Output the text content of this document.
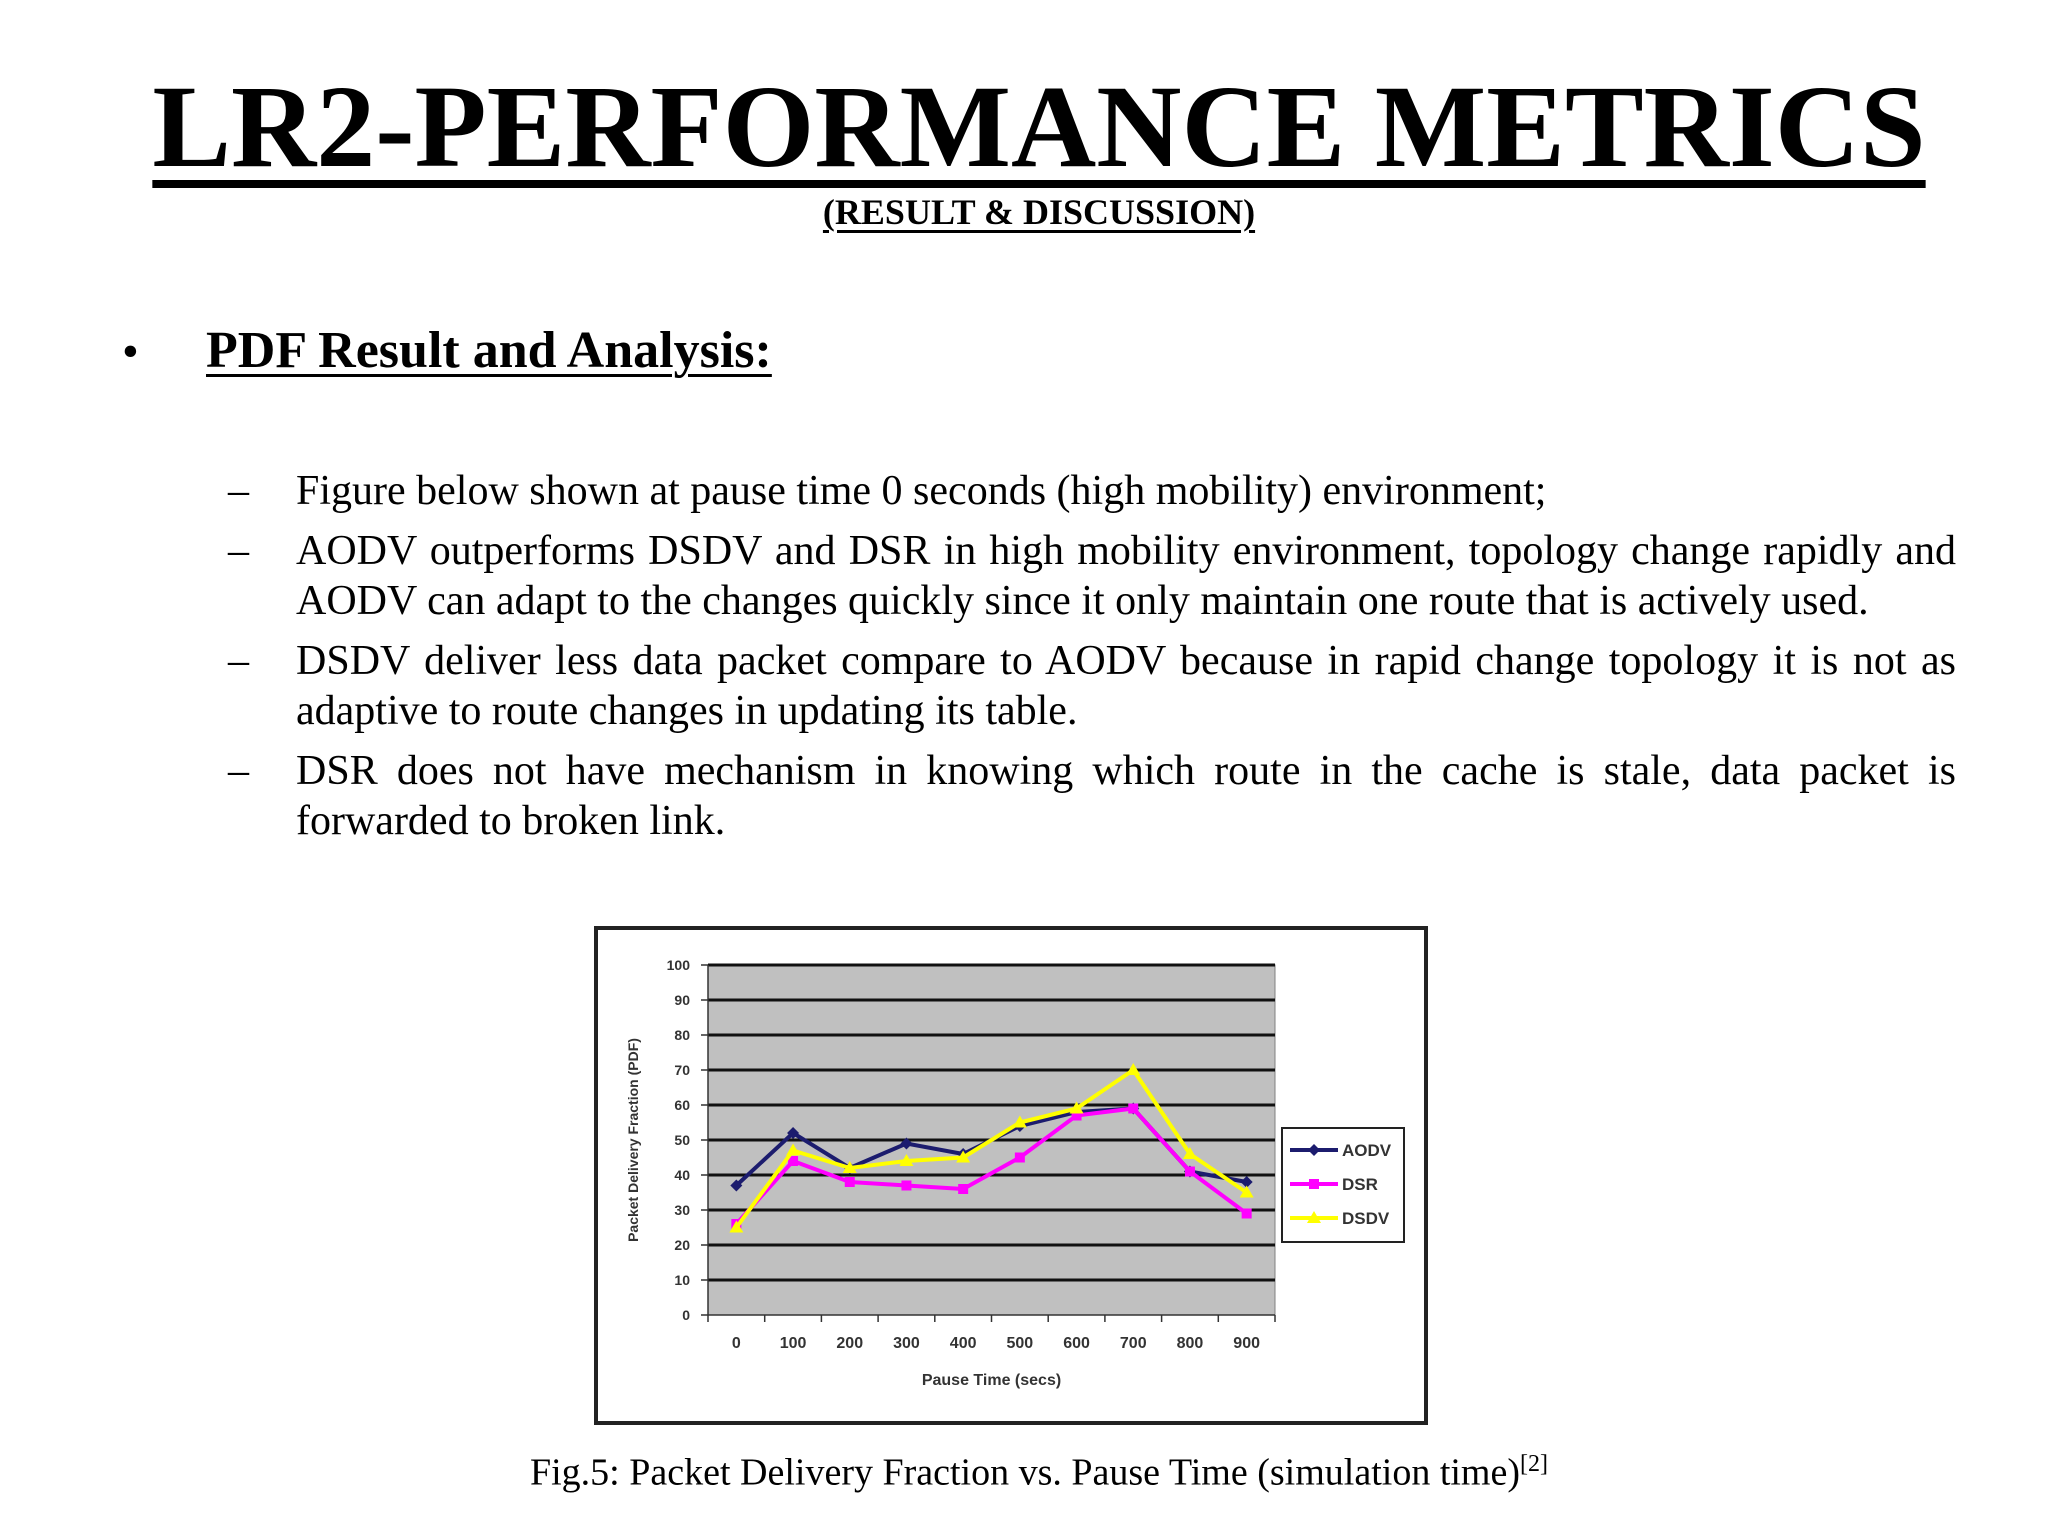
LR2-PERFORMANCE METRICS
(RESULT & DISCUSSION)
• PDF Result and Analysis:
– Figure below shown at pause time 0 seconds (high mobility) environment;
– AODV outperforms DSDV and DSR in high mobility environment, topology change rapidly and AODV can adapt to the changes quickly since it only maintain one route that is actively used.
– DSDV deliver less data packet compare to AODV because in rapid change topology it is not as adaptive to route changes in updating its table.
– DSR does not have mechanism in knowing which route in the cache is stale, data packet is forwarded to broken link.
0
10
20
30
40
50
60
70
80
90
100
0 100 200 300 400 500 600 700 800 900
Pause Time (secs)
Packet Delivery Fraction (PDF)	AODV
DSR
DSDV
Fig.5: Packet Delivery Fraction vs. Pause Time (simulation time)[2]
